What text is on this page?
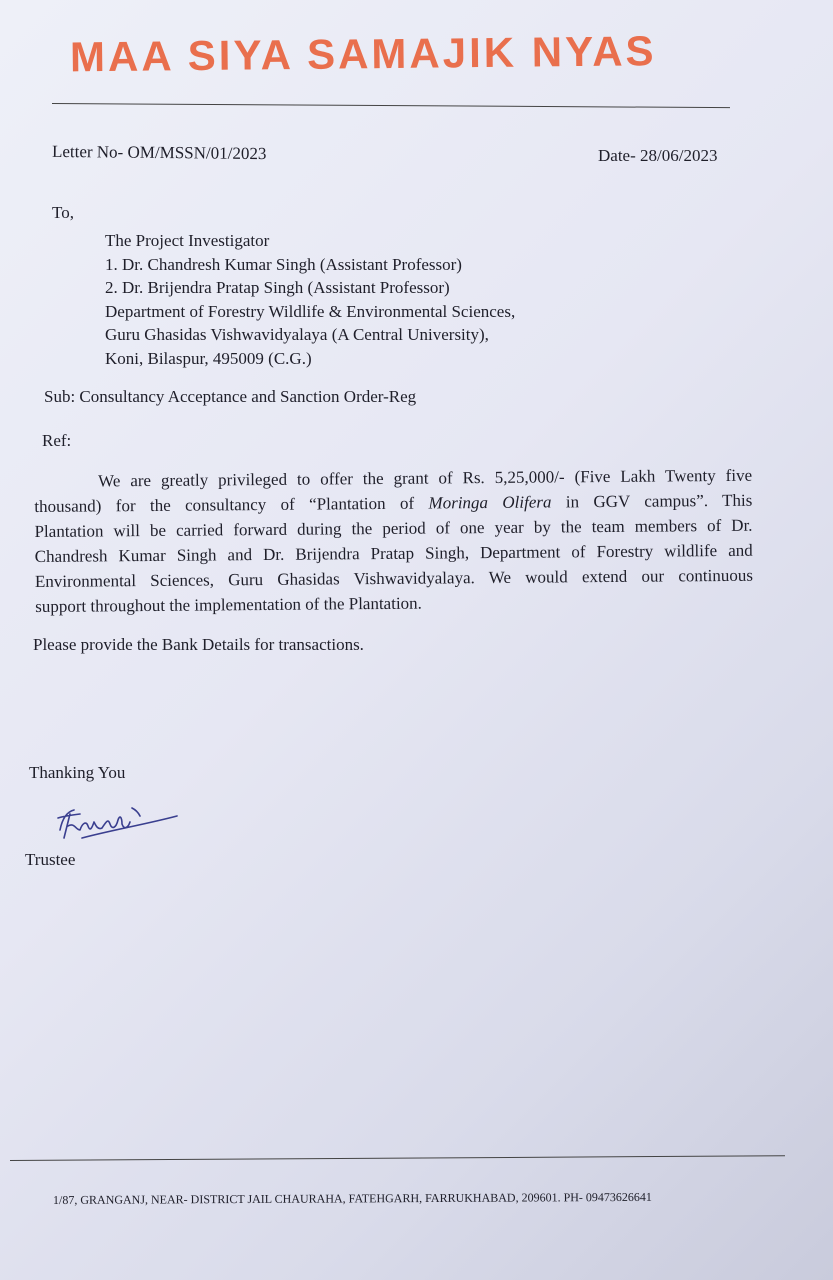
MAA SIYA SAMAJIK NYAS
Letter No- OM/MSSN/01/2023	Date- 28/06/2023
To,
The Project Investigator
1. Dr. Chandresh Kumar Singh (Assistant Professor)
2. Dr. Brijendra Pratap Singh (Assistant Professor)
Department of Forestry Wildlife & Environmental Sciences,
Guru Ghasidas Vishwavidyalaya (A Central University),
Koni, Bilaspur, 495009 (C.G.)
Sub: Consultancy Acceptance and Sanction Order-Reg
Ref:
We are greatly privileged to offer the grant of Rs. 5,25,000/- (Five Lakh Twenty five
thousand) for the consultancy of “Plantation of Moringa Olifera in GGV campus”. This
Plantation will be carried forward during the period of one year by the team members of Dr.
Chandresh Kumar Singh and Dr. Brijendra Pratap Singh, Department of Forestry wildlife and
Environmental Sciences, Guru Ghasidas Vishwavidyalaya. We would extend our continuous
support throughout the implementation of the Plantation.
Please provide the Bank Details for transactions.
Thanking You
Trustee
1/87, GRANGANJ, NEAR- DISTRICT JAIL CHAURAHA, FATEHGARH, FARRUKHABAD, 209601. PH- 09473626641
